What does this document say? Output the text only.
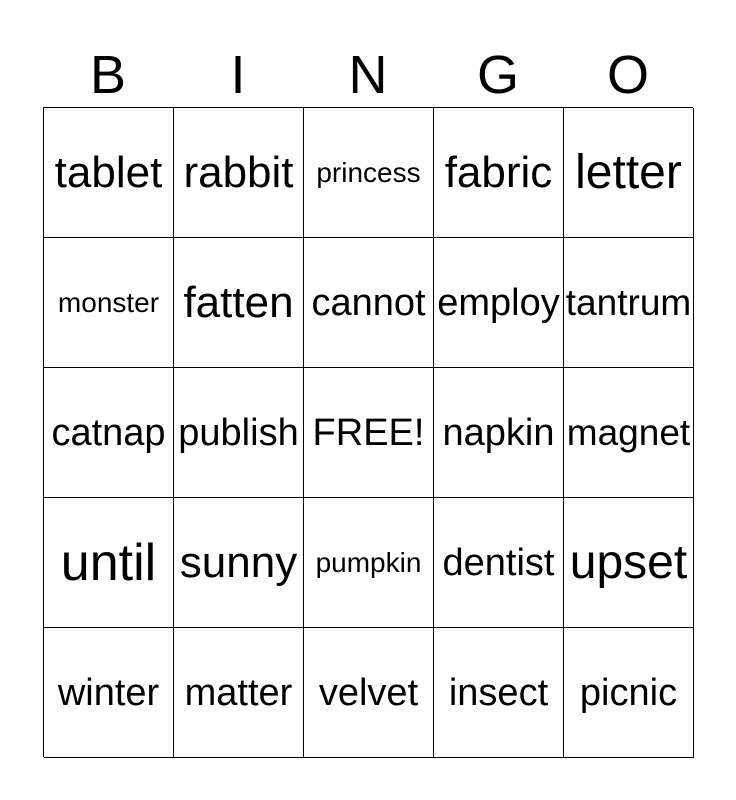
B	I	N	G	O
tablet rabbit princess fabric letter
monster fatten cannot employ tantrum
catnap publish FREE! napkin magnet
until sunny pumpkin dentist upset
winter matter velvet insect picnic
